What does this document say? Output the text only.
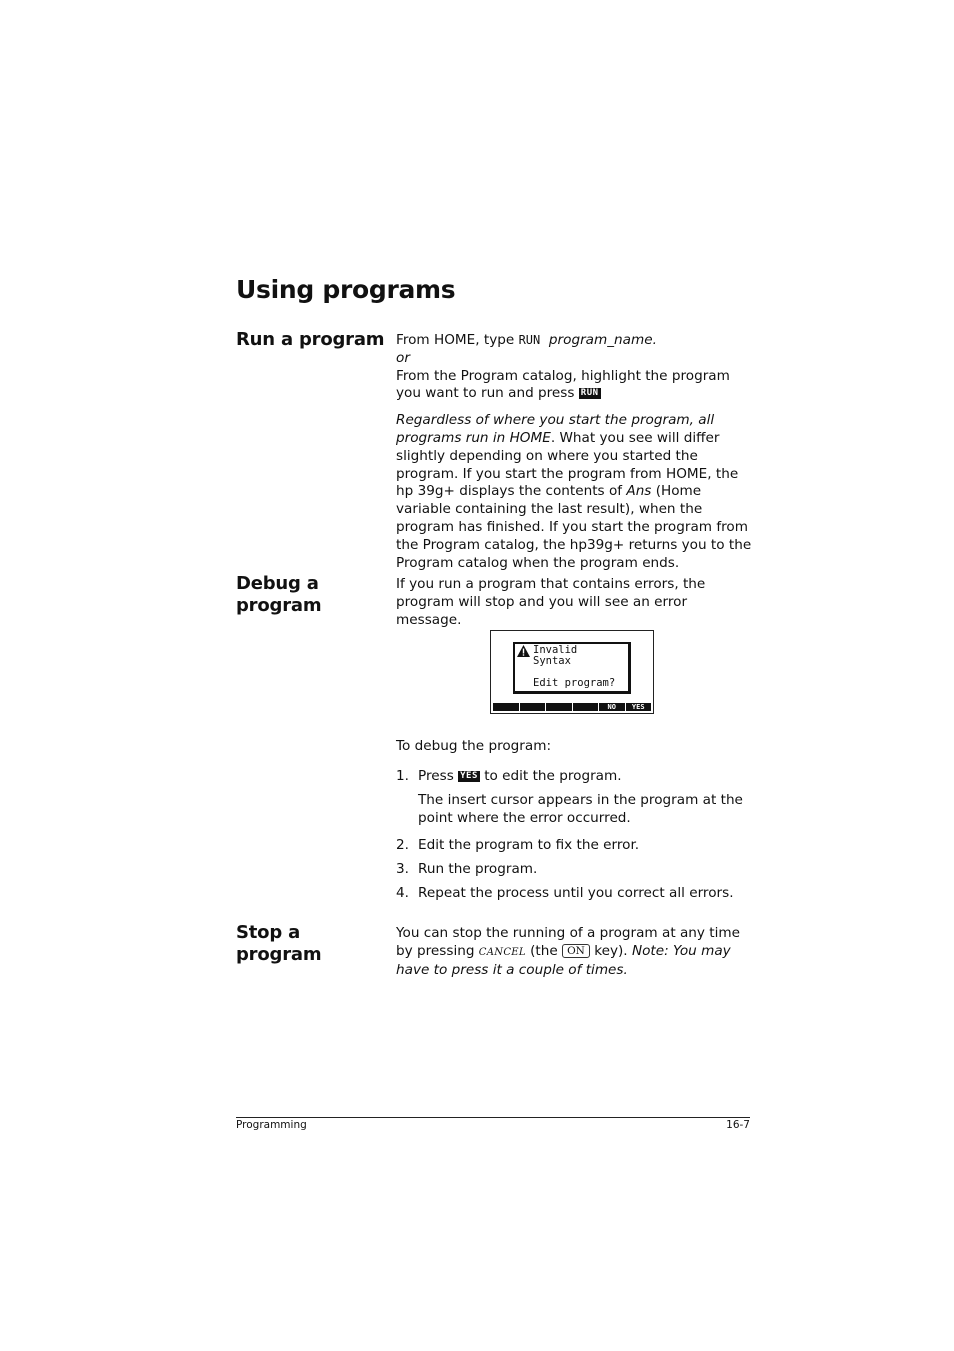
Using programs
Run a program From HOME, type RUN program_name.

or

From the Program catalog, highlight the program you want to run and press RUN

Regardless of where you start the program, all programs run in HOME. What you see will differ slightly depending on where you started the program. If you start the program from HOME, the hp 39g+ displays the contents of Ans (Home variable containing the last result), when the program has finished. If you start the program from the Program catalog, the hp39g+ returns you to the Program catalog when the program ends.

Debug a
program

If you run a program that contains errors, the program will stop and you will see an error message.

Invalid
Syntax
Edit program?
NO	YES

To debug the program:

1. Press YES to edit the program.
The insert cursor appears in the program at the point where the error occurred.
2. Edit the program to fix the error.
3. Run the program.
4. Repeat the process until you correct all errors.
Stop a program

You can stop the running of a program at any time by pressing CANCEL (the ON key). Note: You may have to press it a couple of times.

Programming	16-7
